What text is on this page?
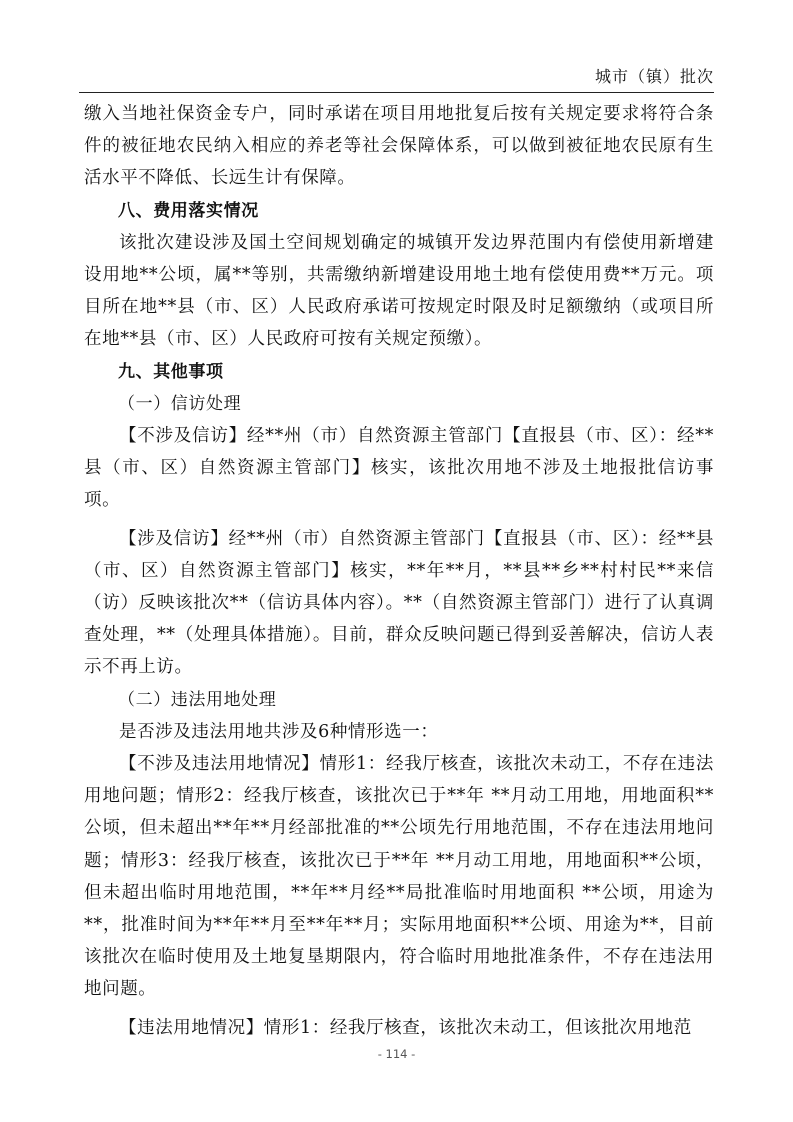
城市（镇）批次

缴入当地社保资金专户，同时承诺在项目用地批复后按有关规定要求将符合条件的被征地农民纳入相应的养老等社会保障体系，可以做到被征地农民原有生活水平不降低、长远生计有保障。

八、费用落实情况

该批次建设涉及国土空间规划确定的城镇开发边界范围内有偿使用新增建设用地**公顷，属**等别，共需缴纳新增建设用地土地有偿使用费**万元。项目所在地**县（市、区）人民政府承诺可按规定时限及时足额缴纳（或项目所在地**县（市、区）人民政府可按有关规定预缴）。

九、其他事项

（一）信访处理

【不涉及信访】经**州（市）自然资源主管部门【直报县（市、区）：经**县（市、区）自然资源主管部门】核实，该批次用地不涉及土地报批信访事项。

【涉及信访】经**州（市）自然资源主管部门【直报县（市、区）：经**县（市、区）自然资源主管部门】核实，**年**月，**县**乡**村村民**来信（访）反映该批次**（信访具体内容）。**（自然资源主管部门）进行了认真调查处理，**（处理具体措施）。目前，群众反映问题已得到妥善解决，信访人表示不再上访。

（二）违法用地处理

是否涉及违法用地共涉及6种情形选一：

【不涉及违法用地情况】情形1：经我厅核查，该批次未动工，不存在违法用地问题；情形2：经我厅核查，该批次已于**年 **月动工用地，用地面积**公顷，但未超出**年**月经部批准的**公顷先行用地范围，不存在违法用地问题；情形3：经我厅核查，该批次已于**年 **月动工用地，用地面积**公顷，但未超出临时用地范围，**年**月经**局批准临时用地面积 **公顷，用途为**，批准时间为**年**月至**年**月；实际用地面积**公顷、用途为**，目前该批次在临时使用及土地复垦期限内，符合临时用地批准条件，不存在违法用地问题。

【违法用地情况】情形1：经我厅核查，该批次未动工，但该批次用地范

- 114 -
